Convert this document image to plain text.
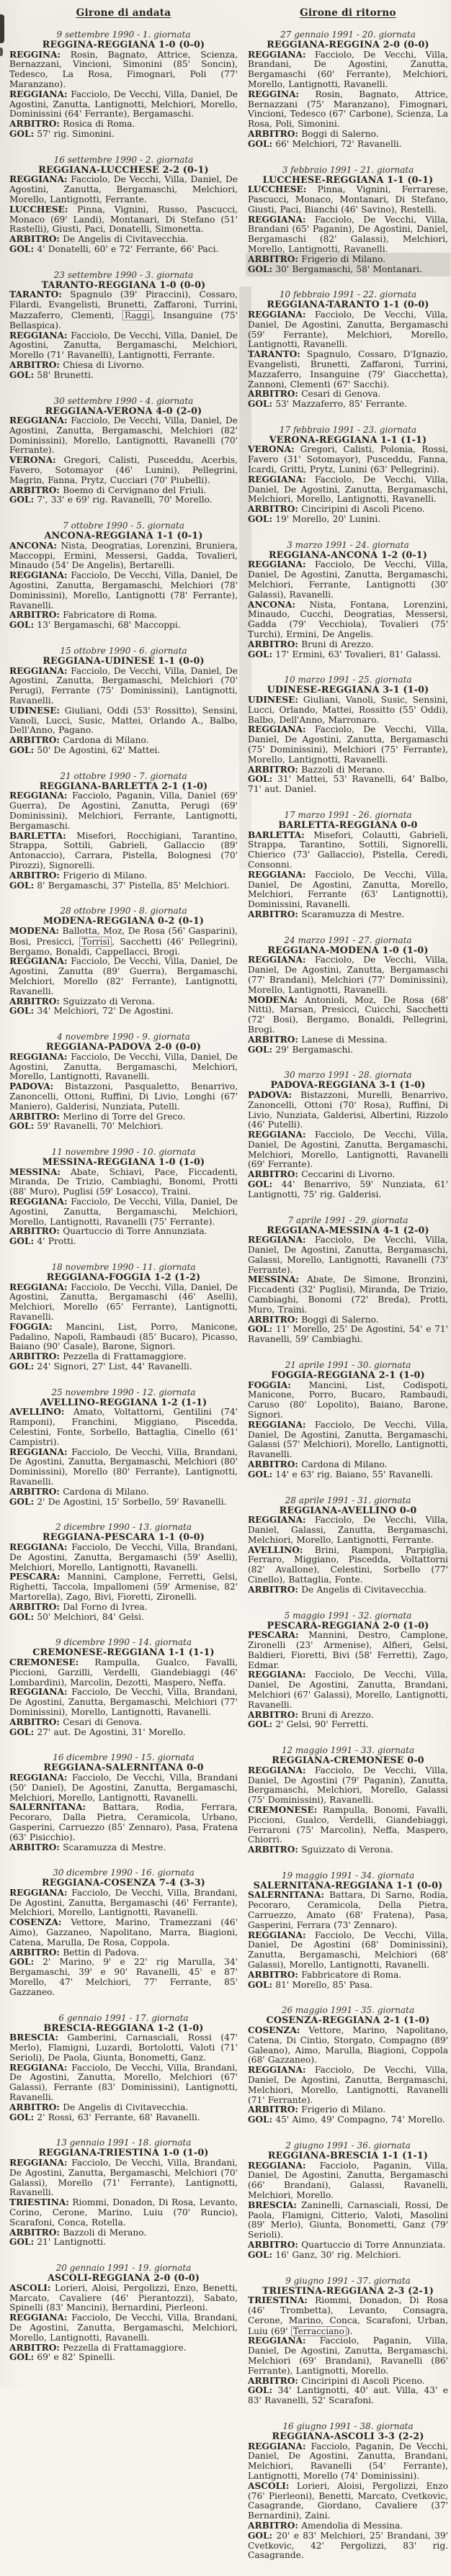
Girone di andata
9 settembre 1990 - 1. giornata
REGGINA-REGGIANA 1-0 (0-0)
REGGINA: Rosin, Bagnato, Attrice, Scienza, Bernazzani, Vincioni, Simonini (85' Soncin), Tedesco, La Rosa, Fimognari, Poli (77' Maranzano).
REGGIANA: Facciolo, De Vecchi, Villa, Daniel, De Agostini, Zanutta, Lantignotti, Melchiori, Morello, Dominissini (64' Ferrante), Bergamaschi.
ARBITRO: Rosica di Roma.
GOL: 57' rig. Simonini.
16 settembre 1990 - 2. giornata
REGGIANA-LUCCHESE 2-2 (0-1)
REGGIANA: Facciolo, De Vecchi, Villa, Daniel, De Agostini, Zanutta, Bergamaschi, Melchiori, Morello, Lantignotti, Ferrante.
LUCCHESE: Pinna, Vignini, Russo, Pascucci, Monaco (69' Landi), Montanari, Di Stefano (51' Rastelli), Giusti, Paci, Donatelli, Simonetta.
ARBITRO: De Angelis di Civitavecchia.
GOL: 4' Donatelli, 60' e 72' Ferrante, 66' Paci.
23 settembre 1990 - 3. giornata
TARANTO-REGGIANA 1-0 (0-0)
TARANTO: Spagnulo (39' Piraccini), Cossaro, Filardi, Evangelisti, Brunetti, Zaffaroni, Turrini, Mazzaferro, Clementi, Raggi , Insanguine (75' Bellaspica).
REGGIANA: Facciolo, De Vecchi, Villa, Daniel, De Agostini, Zanutta, Bergamaschi, Melchiori, Morello (71' Ravanelli), Lantignotti, Ferrante.
ARBITRO: Chiesa di Livorno.
GOL: 58' Brunetti.
30 settembre 1990 - 4. giornata
REGGIANA-VERONA 4-0 (2-0)
REGGIANA: Facciolo, De Vecchi, Villa, Daniel, De Agostini, Zanutta, Bergamaschi, Melchiori (82' Dominissini), Morello, Lantignotti, Ravanelli (70' Ferrante).
VERONA: Gregori, Calisti, Pusceddu, Acerbis, Favero, Sotomayor (46' Lunini), Pellegrini, Magrin, Fanna, Prytz, Cucciari (70' Piubelli).
ARBITRO: Boemo di Cervignano del Friuli.
GOL: 7', 33' e 69' rig. Ravanelli, 70' Morello.
7 ottobre 1990 - 5. giornata
ANCONA-REGGIANA 1-1 (0-1)
ANCONA: Nista, Deogratias, Lorenzini, Bruniera, Maccoppi, Ermini, Messersi, Gadda, Tovalieri, Minaudo (54' De Angelis), Bertarelli.
REGGIANA: Facciolo, De Vecchi, Villa, Daniel, De Agostini, Zanutta, Bergamaschi, Melchiori (78' Dominissini), Morello, Lantignotti (78' Ferrante), Ravanelli.
ARBITRO: Fabricatore di Roma.
GOL: 13' Bergamaschi, 68' Maccoppi.
15 ottobre 1990 - 6. giornata
REGGIANA-UDINESE 1-1 (0-0)
REGGIANA: Facciolo, De Vecchi, Villa, Daniel, De Agostini, Zanutta, Bergamaschi, Melchiori (70' Perugi), Ferrante (75' Dominissini), Lantignotti, Ravanelli.
UDINESE: Giuliani, Oddi (53' Rossitto), Sensini, Vanoli, Lucci, Susic, Mattei, Orlando A., Balbo, Dell'Anno, Pagano.
ARBITRO: Cardona di Milano.
GOL: 50' De Agostini, 62' Mattei.
21 ottobre 1990 - 7. giornata
REGGIANA-BARLETTA 2-1 (1-0)
REGGIANA: Facciolo, Paganin, Villa, Daniel (69' Guerra), De Agostini, Zanutta, Perugi (69' Dominissini), Melchiori, Ferrante, Lantignotti, Bergamaschi.
BARLETTA: Misefori, Rocchigiani, Tarantino, Strappa, Sottili, Gabrieli, Gallaccio (89' Antonaccio), Carrara, Pistella, Bolognesi (70' Pirozzi), Signorelli.
ARBITRO: Frigerio di Milano.
GOL: 8' Bergamaschi, 37' Pistella, 85' Melchiori.
28 ottobre 1990 - 8. giornata
MODENA-REGGIANA 0-2 (0-1)
MODENA: Ballotta, Moz, De Rosa (56' Gasparini), Bosi, Presicci, Torrisi , Sacchetti (46' Pellegrini), Bergamo, Bonaldi, Cappellacci, Brogi.
REGGIANA: Facciolo, De Vecchi, Villa, Daniel, De Agostini, Zanutta (89' Guerra), Bergamaschi, Melchiori, Morello (82' Ferrante), Lantignotti, Ravanelli.
ARBITRO: Sguizzato di Verona.
GOL: 34' Melchiori, 72' De Agostini.
4 novembre 1990 - 9. giornata
REGGIANA-PADOVA 2-0 (0-0)
REGGIANA: Facciolo, De Vecchi, Villa, Daniel, De Agostini, Zanutta, Bergamaschi, Melchiori, Morello, Lantignotti, Ravanelli.
PADOVA: Bistazzoni, Pasqualetto, Benarrivo, Zanoncelli, Ottoni, Ruffini, Di Livio, Longhi (67' Maniero), Galderisi, Nunziata, Putelli.
ARBITRO: Merlino di Torre del Greco.
GOL: 59' Ravanelli, 70' Melchiori.
11 novembre 1990 - 10. giornata
MESSINA-REGGIANA 1-0 (1-0)
MESSINA: Abate, Schiavi, Pace, Ficcadenti, Miranda, De Trizio, Cambiaghi, Bonomi, Protti (88' Muro), Puglisi (59' Losacco), Traini.
REGGIANA: Facciolo, De Vecchi, Villa, Daniel, De Agostini, Zanutta, Bergamaschi, Melchiori, Morello, Lantignotti, Ravanelli (75' Ferrante).
ARBITRO: Quartuccio di Torre Annunziata.
GOL: 4' Protti.
18 novembre 1990 - 11. giornata
REGGIANA-FOGGIA 1-2 (1-2)
REGGIANA: Facciolo, De Vecchi, Villa, Daniel, De Agostini, Zanutta, Bergamaschi (46' Aselli), Melchiori, Morello (65' Ferrante), Lantignotti, Ravanelli.
FOGGIA: Mancini, List, Porro, Manicone, Padalino, Napoli, Rambaudi (85' Bucaro), Picasso, Baiano (90' Casale), Barone, Signori.
ARBITRO: Pezzella di Frattamaggiore.
GOL: 24' Signori, 27' List, 44' Ravanelli.
25 novembre 1990 - 12. giornata
AVELLINO-REGGIANA 1-2 (1-1)
AVELLINO: Amato, Voltattorni, Gentilini (74' Ramponi), Franchini, Miggiano, Piscedda, Celestini, Fonte, Sorbello, Battaglia, Cinello (61' Campistri).
REGGIANA: Facciolo, De Vecchi, Villa, Brandani, De Agostini, Zanutta, Bergamaschi, Melchiori (80' Dominissini), Morello (80' Ferrante), Lantignotti, Ravanelli.
ARBITRO: Cardona di Milano.
GOL: 2' De Agostini, 15' Sorbello, 59' Ravanelli.
2 dicembre 1990 - 13. giornata
REGGIANA-PESCARA 1-1 (0-0)
REGGIANA: Facciolo, De Vecchi, Villa, Brandani, De Agostini, Zanutta, Bergamaschi (59' Aselli), Melchiori, Morello, Lantignotti, Ravanelli.
PESCARA: Mannini, Camplone, Ferretti, Gelsi, Righetti, Taccola, Impallomeni (59' Armenise, 82' Martorella), Zago, Bivi, Fioretti, Zironelli.
ARBITRO: Dal Forno di Ivrea.
GOL: 50' Melchiori, 84' Gelsi.
9 dicembre 1990 - 14. giornata
CREMONESE-REGGIANA 1-1 (1-1)
CREMONESE: Rampulla, Gualco, Favalli, Piccioni, Garzilli, Verdelli, Giandebiaggi (46' Lombardini), Marcolin, Dezotti, Maspero, Neffa.
REGGIANA: Facciolo, De Vecchi, Villa, Brandani, De Agostini, Zanutta, Bergamaschi, Melchiori (77' Dominissini), Morello, Lantignotti, Ravanelli.
ARBITRO: Cesari di Genova.
GOL: 27' aut. De Agostini, 31' Morello.
16 dicembre 1990 - 15. giornata
REGGIANA-SALERNITANA 0-0
REGGIANA: Facciolo, De Vecchi, Villa, Brandani (50' Daniel), De Agostini, Zanutta, Bergamaschi, Melchiori, Morello, Lantignotti, Ravanelli.
SALERNITANA: Battara, Rodia, Ferrara, Pecoraro, Dalla Pietra, Ceramicola, Urbano, Gasperini, Carruezzo (85' Zennaro), Pasa, Fratena (63' Pisicchio).
ARBITRO: Scaramuzza di Mestre.
30 dicembre 1990 - 16. giornata
REGGIANA-COSENZA 7-4 (3-3)
REGGIANA: Facciolo, De Vecchi, Villa, Brandani, De Agostini, Zanutta, Bergamaschi (46' Ferrante), Melchiori, Morello, Lantignotti, Ravanelli.
COSENZA: Vettore, Marino, Tramezzani (46' Aimo), Gazzaneo, Napolitano, Marra, Biagioni, Catena, Marulla, De Rosa, Coppola.
ARBITRO: Bettin di Padova.
GOL: 2' Marino, 9' e 22' rig Marulla, 34' Bergamaschi, 39' e 90' Ravanelli, 45' e 87' Morello, 47' Melchiori, 77' Ferrante, 85' Gazzaneo.
6 gennaio 1991 - 17. giornata
BRESCIA-REGGIANA 1-2 (1-0)
BRESCIA: Gamberini, Carnasciali, Rossi (47' Merlo), Flamigni, Luzardi, Bortolotti, Valoti (71' Serioli), De Paola, Giunta, Bonometti, Ganz.
REGGIANA: Facciolo, De Vecchi, Villa, Brandani, De Agostini, Zanutta, Morello, Melchiori (67' Galassi), Ferrante (83' Dominissini), Lantignotti, Ravanelli.
ARBITRO: De Angelis di Civitavecchia.
GOL: 2' Rossi, 63' Ferrante, 68' Ravanelli.
13 gennaio 1991 - 18. giornata
REGGIANA-TRIESTINA 1-0 (1-0)
REGGIANA: Facciolo, De Vecchi, Villa, Brandani, De Agostini, Zanutta, Bergamaschi, Melchiori (70' Galassi), Morello (71' Ferrante), Lantignotti, Ravanelli.
TRIESTINA: Riommi, Donadon, Di Rosa, Levanto, Corino, Cerone, Marino, Luiu (70' Runcio), Scarafoni, Conca, Rotella.
ARBITRO: Bazzoli di Merano.
GOL: 21' Lantignotti.
20 gennaio 1991 - 19. giornata
ASCOLI-REGGIANA 2-0 (0-0)
ASCOLI: Lorieri, Aloisi, Pergolizzi, Enzo, Benetti, Marcato, Cavaliere (46' Pierantozzi), Sabato, Spinelli (83' Mancini), Bernardini, Pierleoni.
REGGIANA: Facciolo, De Vecchi, Villa, Brandani, De Agostini, Zanutta, Bergamaschi, Melchiori, Morello, Lantignotti, Ravanelli.
ARBITRO: Pezzella di Frattamaggiore.
GOL: 69' e 82' Spinelli.
Girone di ritorno
27 gennaio 1991 - 20. giornata
REGGIANA-REGGINA 2-0 (0-0)
REGGIANA: Facciolo, De Vecchi, Villa, Brandani, De Agostini, Zanutta, Bergamaschi (60' Ferrante), Melchiori, Morello, Lantignotti, Ravanelli.
REGGINA: Rosin, Bagnato, Attrice, Bernazzani (75' Maranzano), Fimognari, Vincioni, Tedesco (67' Carbone), Scienza, La Rosa, Poli, Simonini.
ARBITRO: Boggi di Salerno.
GOL: 66' Melchiori, 72' Ravanelli.
3 febbraio 1991 - 21. giornata
LUCCHESE-REGGIANA 1-1 (0-1)
LUCCHESE: Pinna, Vignini, Ferrarese, Pascucci, Monaco, Montanari, Di Stefano, Giusti, Paci, Bianchi (46' Savino), Restelli.
REGGIANA: Facciolo, De Vecchi, Villa, Brandani (65' Paganin), De Agostini, Daniel, Bergamaschi (82' Galassi), Melchiori, Morello, Lantignotti, Ravanelli.
ARBITRO: Frigerio di Milano.
GOL: 30' Bergamaschi, 58' Montanari.
10 febbraio 1991 - 22. giornata
REGGIANA-TARANTO 1-1 (0-0)
REGGIANA: Facciolo, De Vecchi, Villa, Daniel, De Agostini, Zanutta, Bergamaschi (59' Ferrante), Melchiori, Morello, Lantignotti, Ravanelli.
TARANTO: Spagnulo, Cossaro, D'Ignazio, Evangelisti, Brunetti, Zaffaroni, Turrini, Mazzaferro, Insanguine (79' Giacchetta), Zannoni, Clementi (67' Sacchi).
ARBITRO: Cesari di Genova.
GOL: 53' Mazzaferro, 85' Ferrante.
17 febbraio 1991 - 23. giornata
VERONA-REGGIANA 1-1 (1-1)
VERONA: Gregori, Calisti, Polonia, Rossi, Favero (31' Sotomayor), Pusceddu, Fanna, Icardi, Gritti, Prytz, Lunini (63' Pellegrini).
REGGIANA: Facciolo, De Vecchi, Villa, Daniel, De Agostini, Zanutta, Bergamaschi, Melchiori, Morello, Lantignotti, Ravanelli.
ARBITRO: Cinciripini di Ascoli Piceno.
GOL: 19' Morello, 20' Lunini.
3 marzo 1991 - 24. giornata
REGGIANA-ANCONA 1-2 (0-1)
REGGIANA: Facciolo, De Vecchi, Villa, Daniel, De Agostini, Zanutta, Bergamaschi, Melchiori, Ferrante, Lantignotti (30' Galassi), Ravanelli.
ANCONA: Nista, Fontana, Lorenzini, Minaudo, Cucchi, Deogratias, Messersi, Gadda (79' Vecchiola), Tovalieri (75' Turchi), Ermini, De Angelis.
ARBITRO: Bruni di Arezzo.
GOL: 17' Ermini, 63' Tovalieri, 81' Galassi.
10 marzo 1991 - 25. giornata
UDINESE-REGGIANA 3-1 (1-0)
UDINESE: Giuliani, Vanoli, Susic, Sensini, Lucci, Orlando, Mattei, Rossitto (55' Oddi), Balbo, Dell'Anno, Marronaro.
REGGIANA: Facciolo, De Vecchi, Villa, Daniel, De Agostini, Zanutta, Bergamaschi (75' Dominissini), Melchiori (75' Ferrante), Morello, Lantignotti, Ravanelli.
ARBITRO: Bazzoli di Merano.
GOL: 31' Mattei, 53' Ravanelli, 64' Balbo, 71' aut. Daniel.
17 marzo 1991 - 26. giornata
BARLETTA-REGGIANA 0-0
BARLETTA: Misefori, Colautti, Gabrieli, Strappa, Tarantino, Sottili, Signorelli, Chierico (73' Gallaccio), Pistella, Ceredi, Consonni.
REGGIANA: Facciolo, De Vecchi, Villa, Daniel, De Agostini, Zanutta, Morello, Melchiori, Ferrante (63' Lantignotti), Dominissini, Ravanelli.
ARBITRO: Scaramuzza di Mestre.
24 marzo 1991 - 27. giornata
REGGIANA-MODENA 1-0 (1-0)
REGGIANA: Facciolo, De Vecchi, Villa, Daniel, De Agostini, Zanutta, Bergamaschi (77' Brandani), Melchiori (77' Dominissini), Morello, Lantignotti, Ravanelli.
MODENA: Antonioli, Moz, De Rosa (68' Nitti), Marsan, Presicci, Cuicchi, Sacchetti (72' Bosi), Bergamo, Bonaldi, Pellegrini, Brogi.
ARBITRO: Lanese di Messina.
GOL: 29' Bergamaschi.
30 marzo 1991 - 28. giornata
PADOVA-REGGIANA 3-1 (1-0)
PADOVA: Bistazzoni, Murelli, Benarrivo, Zanoncelli, Ottoni (70' Rosa), Ruffini, Di Livio, Nunziata, Galderisi, Albertini, Rizzolo (46' Putelli).
REGGIANA: Facciolo, De Vecchi, Villa, Daniel, De Agostini, Zanutta, Bergamaschi, Melchiori, Morello, Lantignotti, Ravanelli (69' Ferrante).
ARBITRO: Ceccarini di Livorno.
GOL: 44' Benarrivo, 59' Nunziata, 61' Lantignotti, 75' rig. Galderisi.
7 aprile 1991 - 29. giornata
REGGIANA-MESSINA 4-1 (2-0)
REGGIANA: Facciolo, De Vecchi, Villa, Daniel, De Agostini, Zanutta, Bergamaschi, Galassi, Morello, Lantignotti, Ravanelli (73' Ferrante).
MESSINA: Abate, De Simone, Bronzini, Ficcadenti (32' Puglisi), Miranda, De Trizio, Cambiaghi, Bonomi (72' Breda), Protti, Muro, Traini.
ARBITRO: Boggi di Salerno.
GOL: 11' Morello, 25' De Agostini, 54' e 71' Ravanelli, 59' Cambiaghi.
21 aprile 1991 - 30. giornata
FOGGIA-REGGIANA 2-1 (1-0)
FOGGIA: Mancini, List, Codispoti, Manicone, Porro, Bucaro, Rambaudi, Caruso (80' Lopolito), Baiano, Barone, Signori.
REGGIANA: Facciolo, De Vecchi, Villa, Daniel, De Agostini, Zanutta, Bergamaschi, Galassi (57' Melchiori), Morello, Lantignotti, Ravanelli.
ARBITRO: Cardona di Milano.
GOL: 14' e 63' rig. Baiano, 55' Ravanelli.
28 aprile 1991 - 31. giornata
REGGIANA-AVELLINO 0-0
REGGIANA: Facciolo, De Vecchi, Villa, Daniel, Galassi, Zanutta, Bergamaschi, Melchiori, Morello, Lantignotti, Ferrante.
AVELLINO: Brini, Ramponi, Parpiglia, Ferraro, Miggiano, Piscedda, Voltattorni (82' Avallone), Celestini, Sorbello (77' Cinello), Battaglia, Fonte.
ARBITRO: De Angelis di Civitavecchia.
5 maggio 1991 - 32. giornata
PESCARA-REGGIANA 2-0 (1-0)
PESCARA: Mannini, Destro, Camplone, Zironelli (23' Armenise), Alfieri, Gelsi, Baldieri, Fioretti, Bivi (58' Ferretti), Zago, Edmar.
REGGIANA: Facciolo, De Vecchi, Villa, Daniel, De Agostini, Zanutta, Brandani, Melchiori (67' Galassi), Morello, Lantignotti, Ravanelli.
ARBITRO: Bruni di Arezzo.
GOL: 2' Gelsi, 90' Ferretti.
12 maggio 1991 - 33. giornata
REGGIANA-CREMONESE 0-0
REGGIANA: Facciolo, De Vecchi, Villa, Daniel, De Agostini (79' Paganin), Zanutta, Bergamaschi, Melchiori, Morello, Galassi (75' Dominissini), Ravanelli.
CREMONESE: Rampulla, Bonomi, Favalli, Piccioni, Gualco, Verdelli, Giandebiaggi, Ferraroni (75' Marcolin), Neffa, Maspero, Chiorri.
ARBITRO: Sguizzato di Verona.
19 maggio 1991 - 34. giornata
SALERNITANA-REGGIANA 1-1 (0-0)
SALERNITANA: Battara, Di Sarno, Rodia, Pecoraro, Ceramicola, Della Pietra, Carruezzo, Amato (68' Fratena), Pasa, Gasperini, Ferrara (73' Zennaro).
REGGIANA: Facciolo, De Vecchi, Villa, Daniel, De Agostini (68' Dominissini), Zanutta, Bergamaschi, Melchiori (68' Galassi), Morello, Lantignotti, Ravanelli.
ARBITRO: Fabbricatore di Roma.
GOL: 81' Morello, 85' Pasa.
26 maggio 1991 - 35. giornata
COSENZA-REGGIANA 2-1 (1-0)
COSENZA: Vettore, Marino, Napolitano, Catena, Di Cintio, Storgato, Compagno (89' Galeano), Aimo, Marulla, Biagioni, Coppola (68' Gazzaneo).
REGGIANA: Facciolo, De Vecchi, Villa, Daniel, De Agostini, Zanutta, Bergamaschi, Melchiori, Morello, Lantignotti, Ravanelli (71' Ferrante).
ARBITRO: Frigerio di Milano.
GOL: 45' Aimo, 49' Compagno, 74' Morello.
2 giugno 1991 - 36. giornata
REGGIANA-BRESCIA 1-1 (1-1)
REGGIANA: Facciolo, Paganin, Villa, Daniel, De Agostini, Zanutta, Bergamaschi (66' Brandani), Galassi, Ravanelli, Melchiori, Morello.
BRESCIA: Zaninelli, Carnasciali, Rossi, De Paola, Flamigni, Citterio, Valoti, Masolini (89' Merlo), Giunta, Bonometti, Ganz (79' Serioli).
ARBITRO: Quartuccio di Torre Annunziata.
GOL: 16' Ganz, 30' rig. Melchiori.
9 giugno 1991 - 37. giornata
TRIESTINA-REGGIANA 2-3 (2-1)
TRIESTINA: Riommi, Donadon, Di Rosa (46' Trombetta), Levanto, Consagra, Cerone, Marino, Conca, Scarafoni, Urban, Luiu (69' Terracciano ).
REGGIANA: Facciolo, Paganin, Villa, Daniel, De Agostini, Zanutta, Bergamaschi, Melchiori (69' Brandani), Ravanelli (86' Ferrante), Lantignotti, Morello.
ARBITRO: Cinciripini di Ascoli Piceno.
GOL: 34' Lantignotti, 40' aut. Villa, 43' e 83' Ravanelli, 52' Scarafoni.
16 giugno 1991 - 38. giornata
REGGIANA-ASCOLI 3-3 (2-2)
REGGIANA: Facciolo, Paganin, De Vecchi, Daniel, De Agostini, Zanutta, Brandani, Melchiori, Ravanelli (54' Ferrante), Lantignotti, Morello (74' Dominissini).
ASCOLI: Lorieri, Aloisi, Pergolizzi, Enzo (76' Pierleoni), Benetti, Marcato, Cvetkovic, Casagrande, Giordano, Cavaliere (37' Bernardini), Zaini.
ARBITRO: Amendolia di Messina.
GOL: 20' e 83' Melchiori, 25' Brandani, 39' Cvetkovic, 42' Pergolizzi, 83' rig. Casagrande.
